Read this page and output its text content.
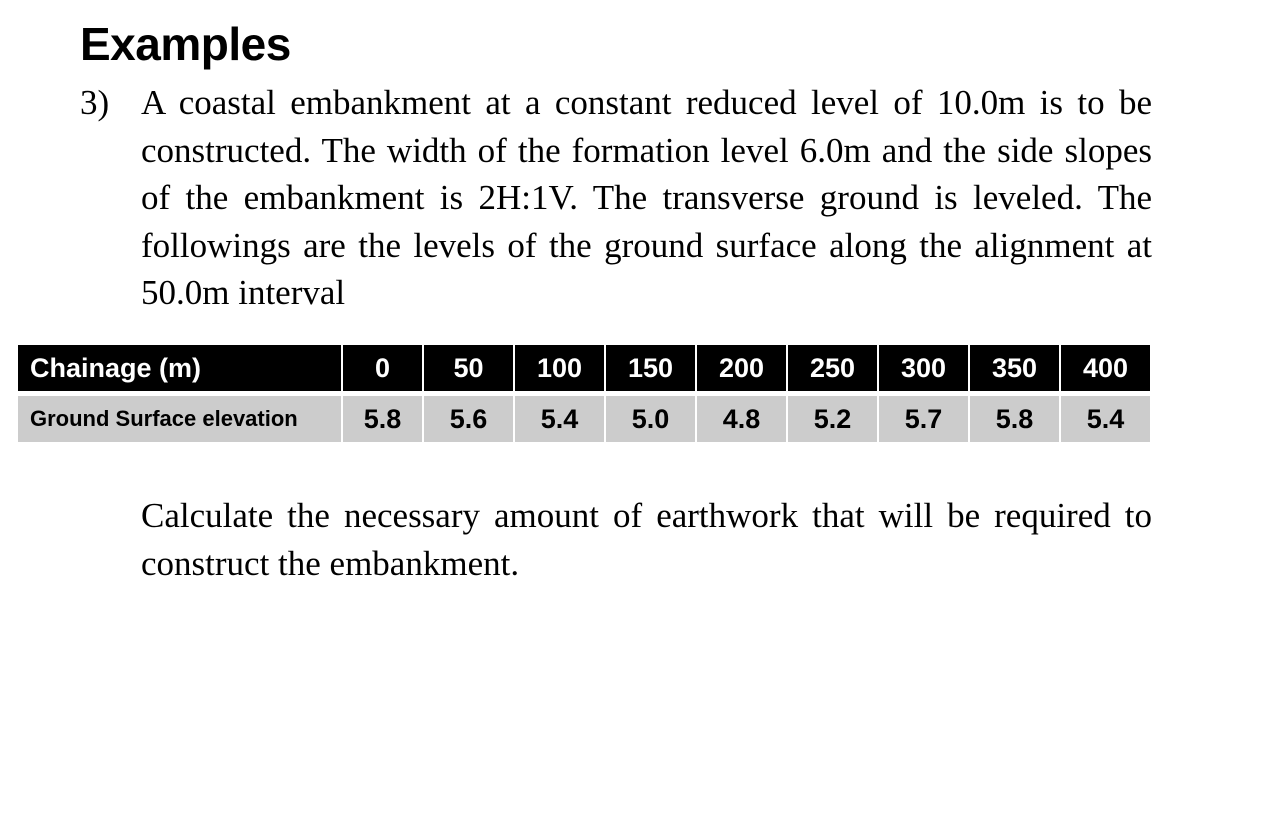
Examples
3) A coastal embankment at a constant reduced level of 10.0m is to be constructed. The width of the formation level 6.0m and the side slopes of the embankment is 2H:1V. The transverse ground is leveled. The followings are the levels of the ground surface along the alignment at 50.0m interval
Chainage (m)	0	50	100	150	200	250	300	350	400
Ground Surface elevation	5.8	5.6	5.4	5.0	4.8	5.2	5.7	5.8	5.4
Calculate the necessary amount of earthwork that will be required to construct the embankment.
